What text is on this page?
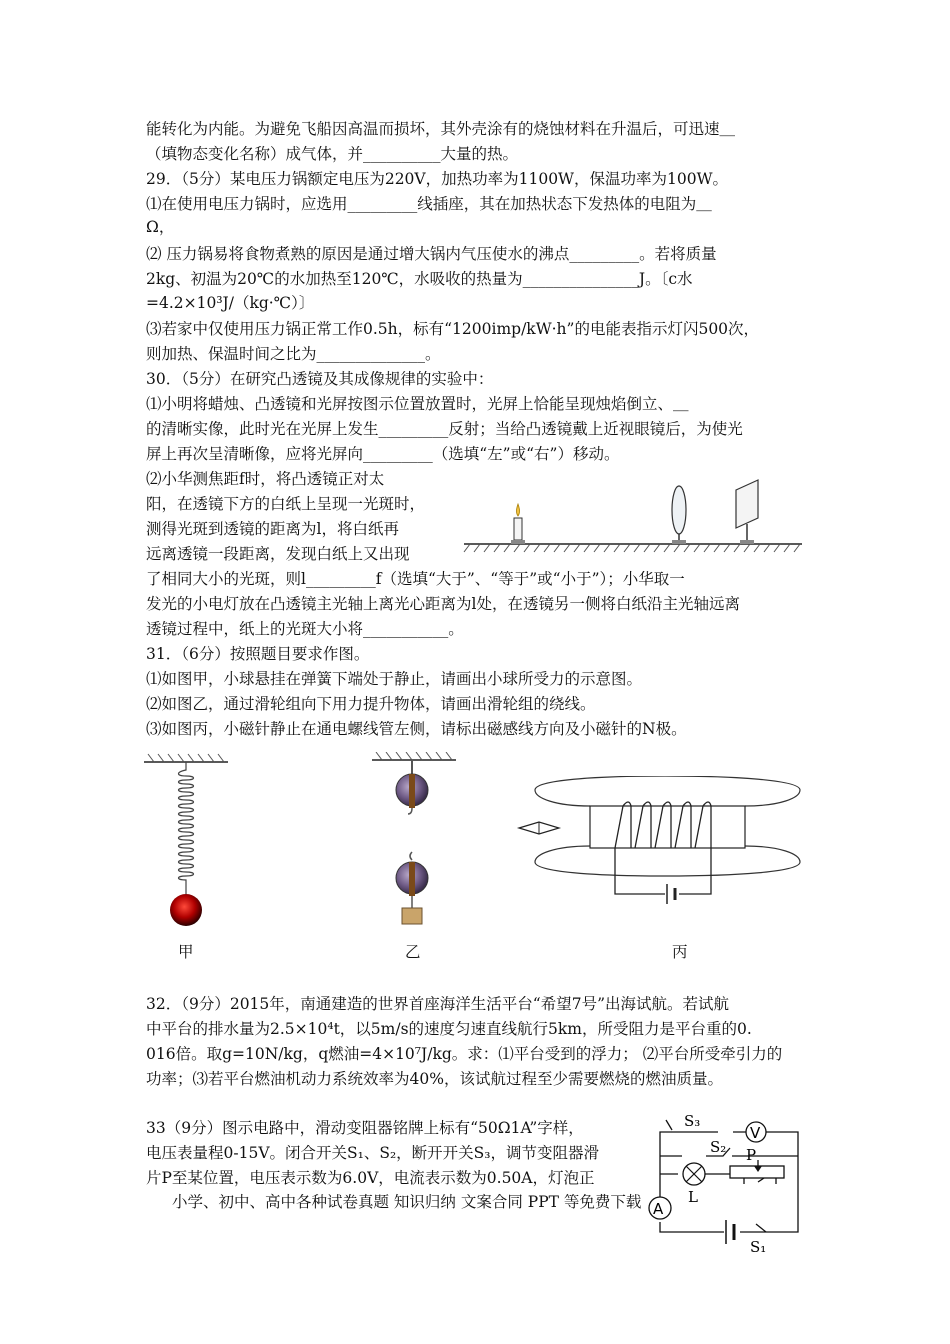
能转化为内能。为避免飞船因高温而损坏，其外壳涂有的烧蚀材料在升温后，可迅速＿
（填物态变化名称）成气体，并__________大量的热。
29．（5分）某电压力锅额定电压为220V，加热功率为1100W，保温功率为100W。
⑴在使用电压力锅时，应选用_________线插座，其在加热状态下发热体的电阻为＿
Ω，
⑵ 压力锅易将食物煮熟的原因是通过增大锅内气压使水的沸点_________。若将质量
2kg、初温为20℃的水加热至120℃，水吸收的热量为_______________J。〔c水
=4.2×10³J/（kg·℃）〕
⑶若家中仅使用压力锅正常工作0.5h，标有“1200imp/kW·h”的电能表指示灯闪500次，
则加热、保温时间之比为______________。
30．（5分）在研究凸透镜及其成像规律的实验中：
⑴小明将蜡烛、凸透镜和光屏按图示位置放置时，光屏上恰能呈现烛焰倒立、＿
的清晰实像，此时光在光屏上发生_________反射；当给凸透镜戴上近视眼镜后，为使光
屏上再次呈清晰像，应将光屏向_________（选填“左”或“右”）移动。
⑵小华测焦距f时，将凸透镜正对太
阳，在透镜下方的白纸上呈现一光斑时，
测得光斑到透镜的距离为l，将白纸再
远离透镜一段距离，发现白纸上又出现
了相同大小的光斑，则l_________f（选填“大于”、“等于”或“小于”）；小华取一
发光的小电灯放在凸透镜主光轴上离光心距离为l处，在透镜另一侧将白纸沿主光轴远离
透镜过程中，纸上的光斑大小将___________。
31．（6分）按照题目要求作图。
⑴如图甲，小球悬挂在弹簧下端处于静止，请画出小球所受力的示意图。
⑵如图乙，通过滑轮组向下用力提升物体，请画出滑轮组的绕线。
⑶如图丙，小磁针静止在通电螺线管左侧，请标出磁感线方向及小磁针的N极。
甲	乙	丙
32．（9分）2015年，南通建造的世界首座海洋生活平台“希望7号”出海试航。若试航
中平台的排水量为2.5×10⁴t，以5m/s的速度匀速直线航行5km，所受阻力是平台重的0.
016倍。取g=10N/kg，q燃油=4×10⁷J/kg。求：⑴平台受到的浮力； ⑵平台所受牵引力的
功率；⑶若平台燃油机动力系统效率为40%，该试航过程至少需要燃烧的燃油质量。
33（9分）图示电路中，滑动变阻器铭牌上标有“50Ω1A”字样，
电压表量程0-15V。闭合开关S₁、S₂，断开开关S₃，调节变阻器滑
片P至某位置，电压表示数为6.0V，电流表示数为0.50A，灯泡正
小学、初中、高中各种试卷真题 知识归纳 文案合同 PPT 等免费下载
V
A
S₃
S₂ P
L
S₁
